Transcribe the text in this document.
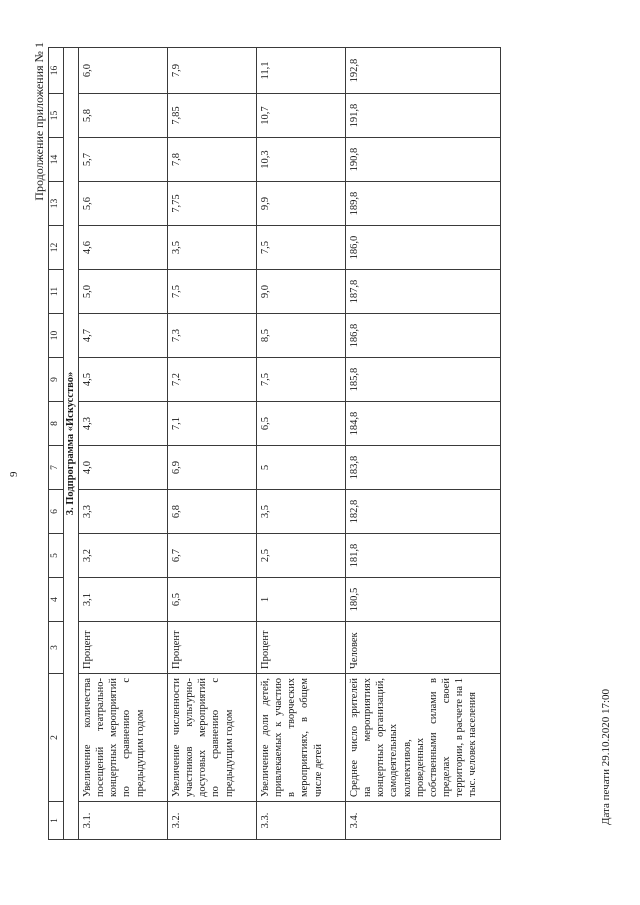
9
Продолжение приложения № 1
1	2	3	4	5	6	7	8	9	10	11	12	13	14	15	16
3. Подпрограмма «Искусство»															
3.1.	Увеличение количества посещений театрально-концертных мероприятий по сравнению с предыдущим годом	Процент	3,1	3,2	3,3	4,0	4,3	4,5	4,7	5,0	4,6	5,6	5,7	5,8	6,0
3.2.	Увеличение численности участников культурно-досуговых мероприятий по сравнению с предыдущим годом	Процент	6,5	6,7	6,8	6,9	7,1	7,2	7,3	7,5	3,5	7,75	7,8	7,85	7,9
3.3.	Увеличение доли детей, привлекаемых к участию в творческих мероприятиях, в общем числе детей	Процент	1	2,5	3,5	5	6,5	7,5	8,5	9,0	7,5	9,9	10,3	10,7	11,1
3.4.	Среднее число зрителей на мероприятиях концертных организаций, самодеятельных коллективов, проведенных собственными силами в пределах своей территории, в расчете на 1 тыс. человек населения	Человек	180,5	181,8	182,8	183,8	184,8	185,8	186,8	187,8	186,0	189,8	190,8	191,8	192,8
Дата печати 29.10.2020 17:00
